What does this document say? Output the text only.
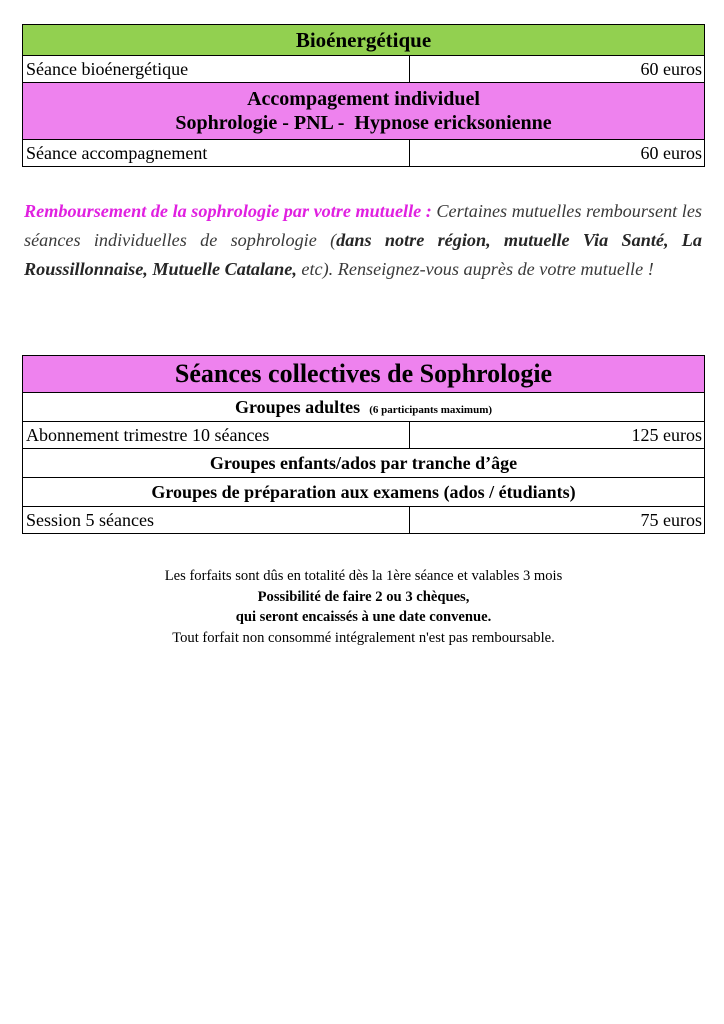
Bioénergétique	
Séance bioénergétique	60 euros

Accompagement individuel
Sophrologie - PNL -  Hypnose ericksonienne	

Séance accompagnement	60 euros

Remboursement de la sophrologie par votre mutuelle : Certaines mutuelles remboursent les séances individuelles de sophrologie (dans notre région, mutuelle Via Santé, La Roussillonnaise, Mutuelle Catalane, etc). Renseignez-vous auprès de votre mutuelle !

Séances collectives de Sophrologie	
Groupes adultes (6 participants maximum)	
Abonnement trimestre 10 séances	125 euros
Groupes enfants/ados par tranche d’âge	
Groupes de préparation aux examens (ados / étudiants)	
Session 5 séances	75 euros
Les forfaits sont dûs en totalité dès la 1ère séance et valables 3 mois
Possibilité de faire 2 ou 3 chèques,
qui seront encaissés à une date convenue.
Tout forfait non consommé intégralement n'est pas remboursable.
